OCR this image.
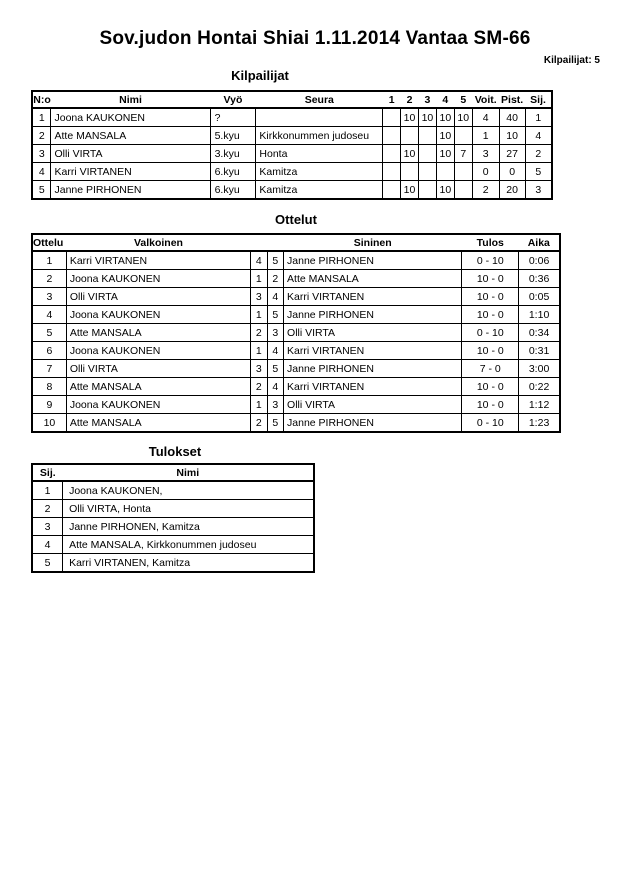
Sov.judon Hontai Shiai 1.11.2014 Vantaa SM-66
Kilpailijat: 5
Kilpailijat
N:o	Nimi	Vyö	Seura	1	2	3	4	5	Voit.	Pist.	Sij.
1	Joona KAUKONEN	?			10	10	10	10	4	40	1
2	Atte MANSALA	5.kyu	Kirkkonummen judoseu				10		1	10	4
3	Olli VIRTA	3.kyu	Honta		10		10	7	3	27	2
4	Karri VIRTANEN	6.kyu	Kamitza						0	0	5
5	Janne PIRHONEN	6.kyu	Kamitza		10		10		2	20	3
Ottelut
Ottelu	Valkoinen			Sininen	Tulos	Aika
1	Karri VIRTANEN	4	5	Janne PIRHONEN	0 - 10	0:06
2	Joona KAUKONEN	1	2	Atte MANSALA	10 - 0	0:36
3	Olli VIRTA	3	4	Karri VIRTANEN	10 - 0	0:05
4	Joona KAUKONEN	1	5	Janne PIRHONEN	10 - 0	1:10
5	Atte MANSALA	2	3	Olli VIRTA	0 - 10	0:34
6	Joona KAUKONEN	1	4	Karri VIRTANEN	10 - 0	0:31
7	Olli VIRTA	3	5	Janne PIRHONEN	7 - 0	3:00
8	Atte MANSALA	2	4	Karri VIRTANEN	10 - 0	0:22
9	Joona KAUKONEN	1	3	Olli VIRTA	10 - 0	1:12
10	Atte MANSALA	2	5	Janne PIRHONEN	0 - 10	1:23
Tulokset
Sij.	Nimi
1	Joona KAUKONEN,
2	Olli VIRTA, Honta
3	Janne PIRHONEN, Kamitza
4	Atte MANSALA, Kirkkonummen judoseu
5	Karri VIRTANEN, Kamitza
